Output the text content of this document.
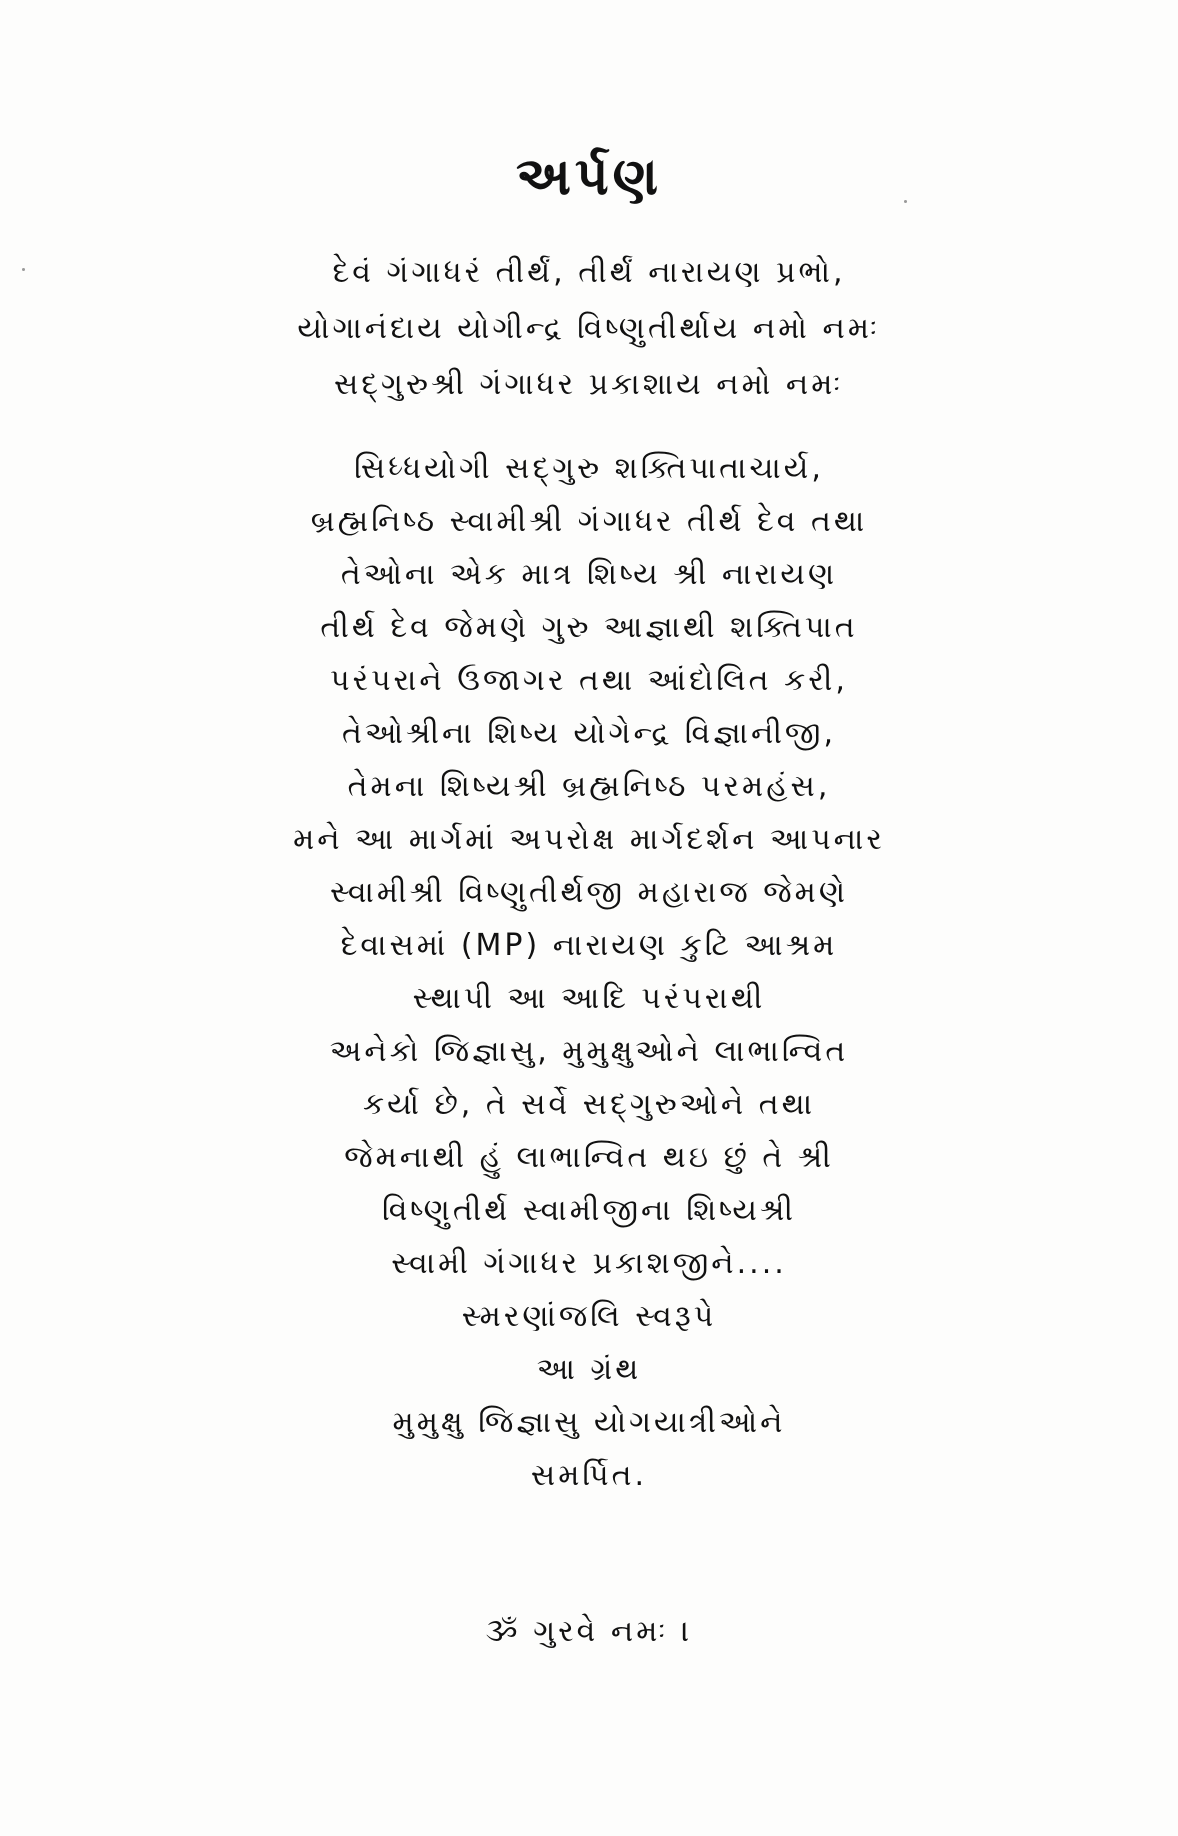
અર્પણ
દેવં ગંગાધરં તીર્થં, તીર્થં નારાયણ પ્રભો,
યોગાનંદાય યોગીન્દ્ર વિષ્ણુતીર્થાય નમો નમઃ
સદ્ગુરુશ્રી ગંગાધર પ્રકાશાય નમો નમઃ
સિધ્ધયોગી સદ્ગુરુ શક્તિપાતાચાર્ય,
બ્રહ્મનિષ્ઠ સ્વામીશ્રી ગંગાધર તીર્થ દેવ તથા
તેઓના એક માત્ર શિષ્ય શ્રી નારાયણ
તીર્થ દેવ જેમણે ગુરુ આજ્ઞાથી શક્તિપાત
પરંપરાને ઉજાગર તથા આંદોલિત કરી,
તેઓશ્રીના શિષ્ય યોગેન્દ્ર વિજ્ઞાનીજી,
તેમના શિષ્યશ્રી બ્રહ્મનિષ્ઠ પરમહંસ,
મને આ માર્ગમાં અપરોક્ષ માર્ગદર્શન આપનાર
સ્વામીશ્રી વિષ્ણુતીર્થજી મહારાજ જેમણે
દેવાસમાં (MP) નારાયણ કુટિ આશ્રમ
સ્થાપી આ આદિ પરંપરાથી
અનેકો જિજ્ઞાસુ, મુમુક્ષુઓને લાભાન્વિત
કર્યા છે, તે સર્વે સદ્ગુરુઓને તથા
જેમનાથી હું લાભાન્વિત થઇ છું તે શ્રી
વિષ્ણુતીર્થ સ્વામીજીના શિષ્યશ્રી
સ્વામી ગંગાધર પ્રકાશજીને....
સ્મરણાંજલિ સ્વરૂપે
આ ગ્રંથ
મુમુક્ષુ જિજ્ઞાસુ યોગયાત્રીઓને
સમર્પિત.
ૐ ગુરવે નમઃ ।
